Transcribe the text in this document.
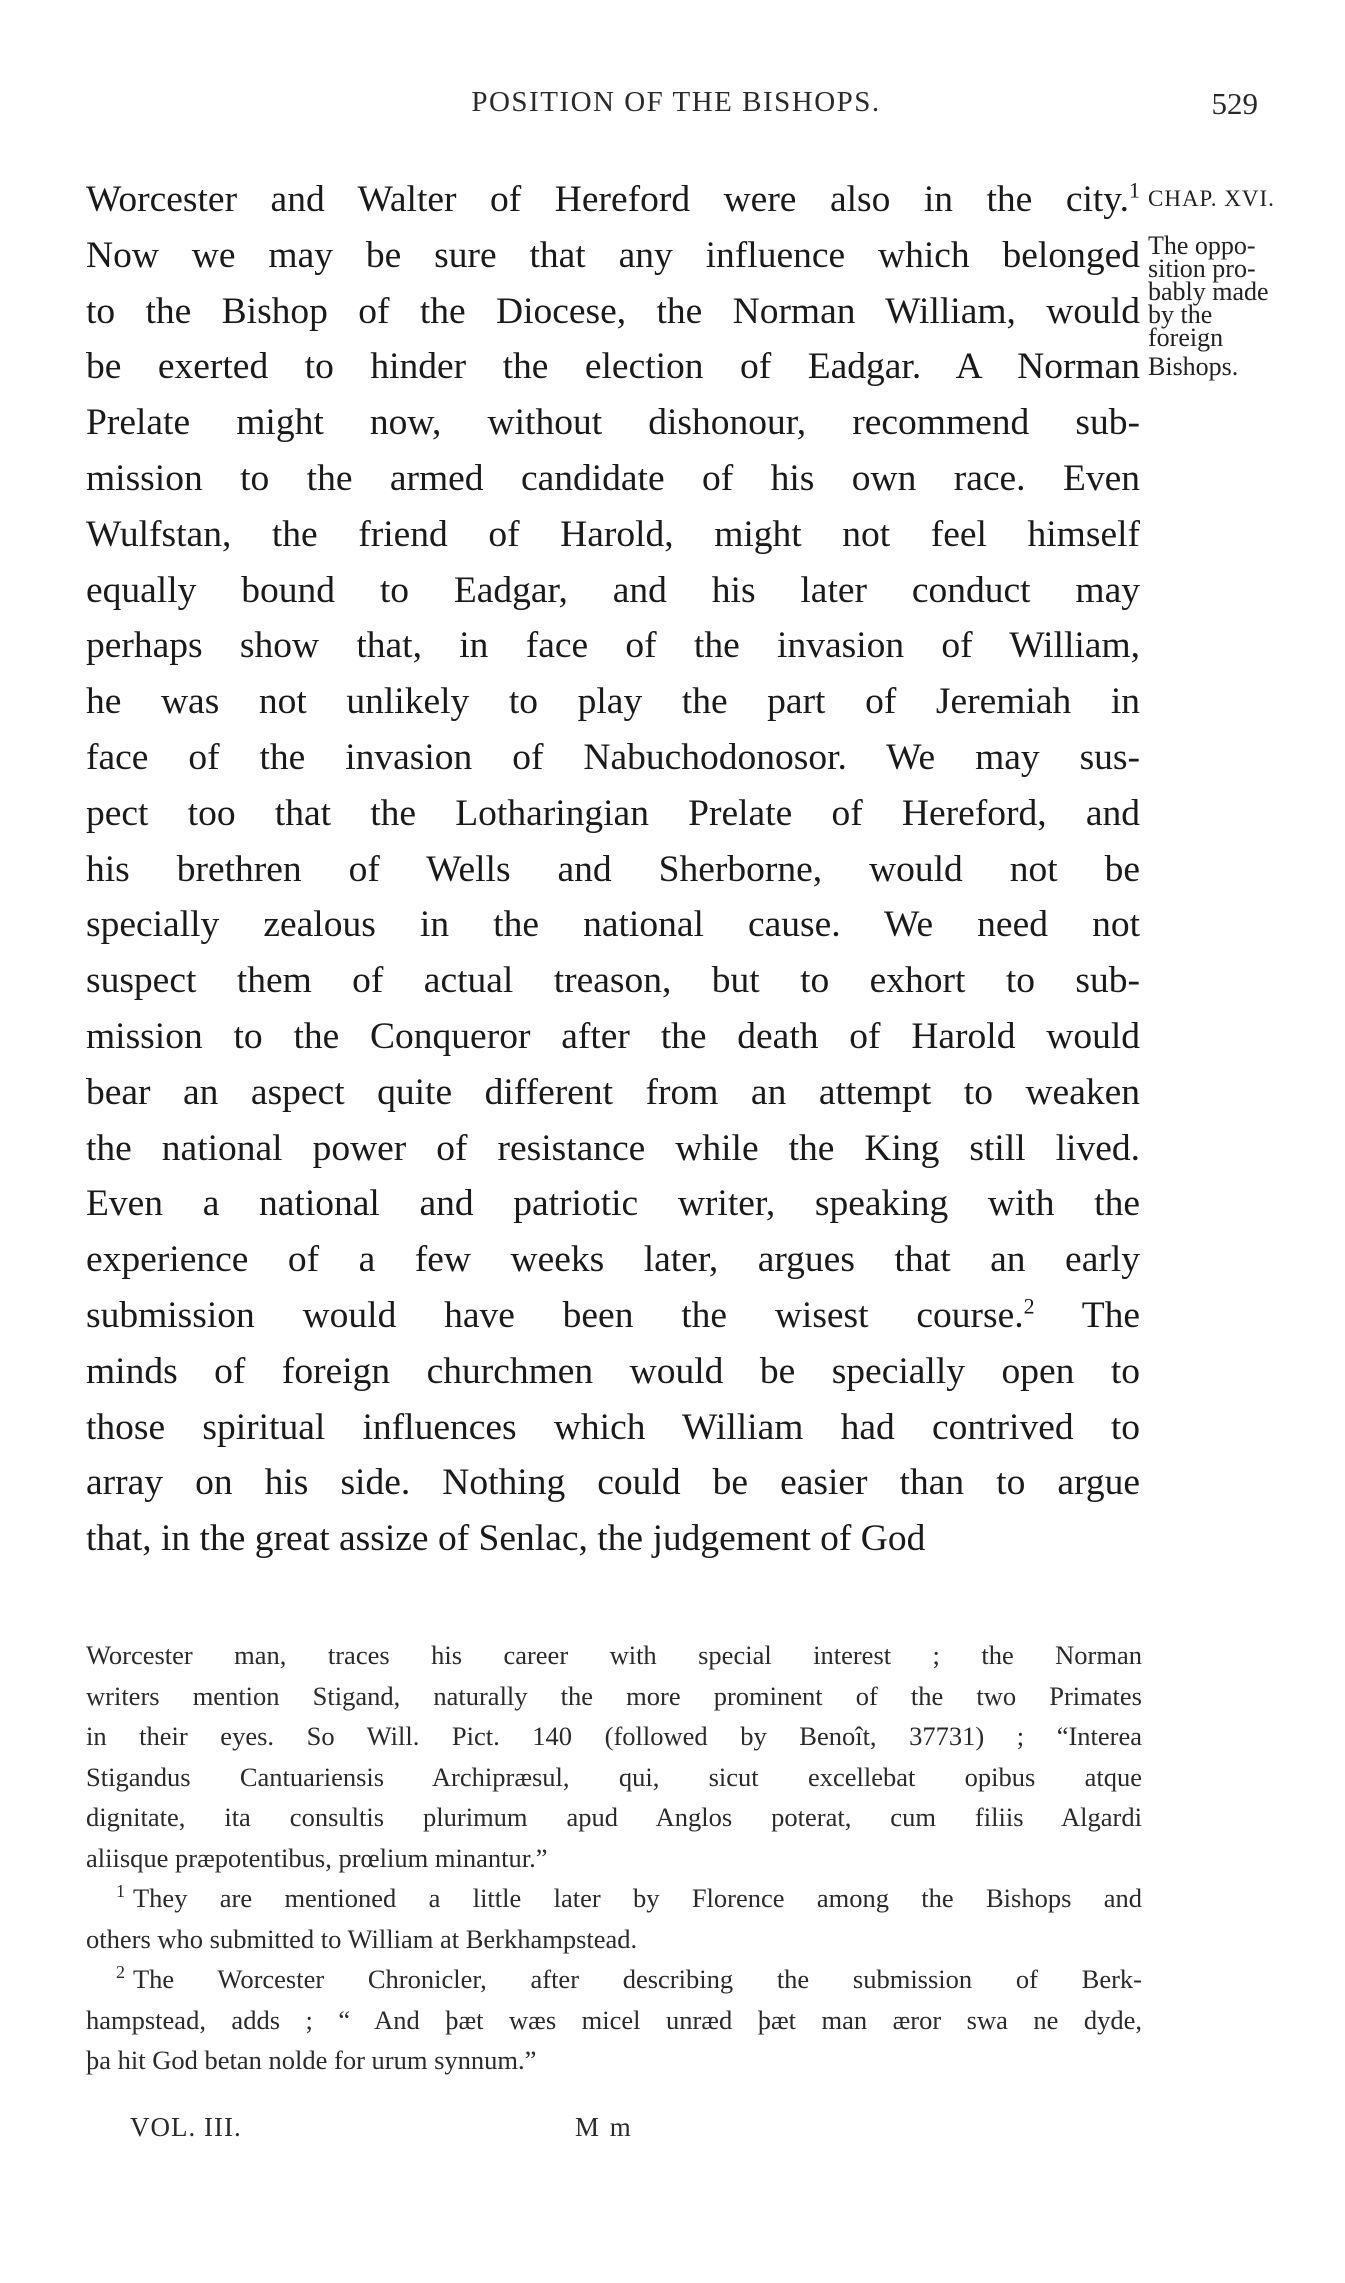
POSITION OF THE BISHOPS.	529
Worcester and Walter of Hereford were also in the city.$^1$
Now we may be sure that any influence which belonged
to the Bishop of the Diocese, the Norman William, would
be exerted to hinder the election of Eadgar. A Norman
Prelate might now, without dishonour, recommend sub-
mission to the armed candidate of his own race. Even
Wulfstan, the friend of Harold, might not feel himself
equally bound to Eadgar, and his later conduct may
perhaps show that, in face of the invasion of William,
he was not unlikely to play the part of Jeremiah in
face of the invasion of Nabuchodonosor. We may sus-
pect too that the Lotharingian Prelate of Hereford, and
his brethren of Wells and Sherborne, would not be
specially zealous in the national cause. We need not
suspect them of actual treason, but to exhort to sub-
mission to the Conqueror after the death of Harold would
bear an aspect quite different from an attempt to weaken
the national power of resistance while the King still lived.
Even a national and patriotic writer, speaking with the
experience of a few weeks later, argues that an early
submission would have been the wisest course.$^2$ The
minds of foreign churchmen would be specially open to
those spiritual influences which William had contrived to
array on his side. Nothing could be easier than to argue
that, in the great assize of Senlac, the judgement of God
CHAP. XVI.
The oppo-
sition pro-
bably made
by the
foreign
Bishops.
Worcester man, traces his career with special interest ; the Norman
writers mention Stigand, naturally the more prominent of the two Primates
in their eyes. So Will. Pict. 140 (followed by Benoît, 37731) ; “Interea
Stigandus Cantuariensis Archipræsul, qui, sicut excellebat opibus atque
dignitate, ita consultis plurimum apud Anglos poterat, cum filiis Algardi
aliisque præpotentibus, prœlium minantur.”
$^1$ They are mentioned a little later by Florence among the Bishops and
others who submitted to William at Berkhampstead.
$^2$ The Worcester Chronicler, after describing the submission of Berk-
hampstead, adds ; “ And þæt wæs micel unræd þæt man æror swa ne dyde,
þa hit God betan nolde for urum synnum.”
VOL. III.	M m
